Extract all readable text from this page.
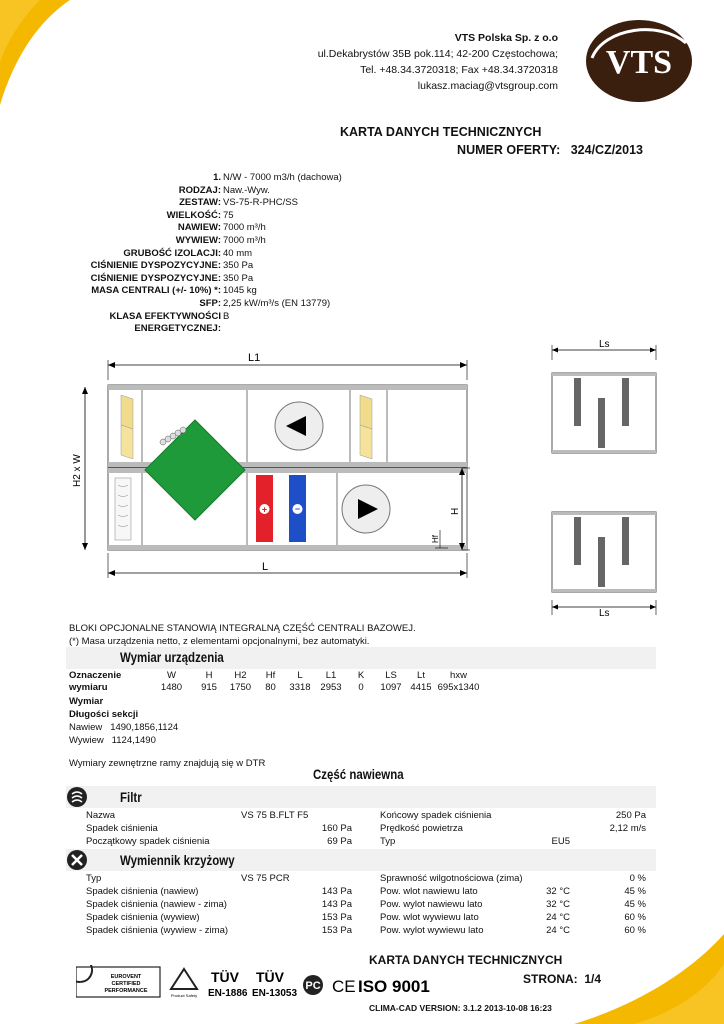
VTS Polska Sp. z o.o
ul.Dekabrystów 35B pok.114; 42-200 Częstochowa;
Tel. +48.34.3720318; Fax +48.34.3720318
lukasz.maciag@vtsgroup.com
VTS
KARTA DANYCH TECHNICZNYCH
NUMER OFERTY: 324/CZ/2013
1. N/W - 7000 m3/h (dachowa)
RODZAJ: Naw.-Wyw.
ZESTAW: VS-75-R-PHC/SS
WIELKOŚĆ: 75
NAWIEW: 7000 m³/h
WYWIEW: 7000 m³/h
GRUBOŚĆ IZOLACJI: 40 mm
CIŚNIENIE DYSPOZYCYJNE: 350 Pa
CIŚNIENIE DYSPOZYCYJNE: 350 Pa
MASA CENTRALI (+/- 10%) *: 1045 kg
SFP: 2,25 kW/m³/s (EN 13779)
KLASA EFEKTYWNOŚCI B
ENERGETYCZNEJ:
L1
H2 x W
+	−
L
H
Hf
Ls
Ls
BLOKI OPCJONALNE STANOWIĄ INTEGRALNĄ CZĘŚĆ CENTRALI BAZOWEJ.
(*) Masa urządzenia netto, z elementami opcjonalnymi, bez automatyki.
Wymiar urządzenia
Oznaczenie	W	H	H2	Hf	L	L1	K	LS	Lt	hxw
wymiaru	1480	915	1750	80	3318	2953	0	1097	4415	695x1340
Wymiar
Długości sekcji
Nawiew 1490,1856,1124
Wywiew 1124,1490
Wymiary zewnętrzne ramy znajdują się w DTR
Część nawiewna
Filtr
Nazwa	VS 75 B.FLT F5
Spadek ciśnienia	160 Pa
Początkowy spadek ciśnienia	69 Pa
Końcowy spadek ciśnienia		250 Pa
Prędkość powietrza		2,12 m/s
Typ	EU5	
Wymiennik krzyżowy
Typ	VS 75 PCR
Spadek ciśnienia (nawiew)	143 Pa
Spadek ciśnienia (nawiew - zima)	143 Pa
Spadek ciśnienia (wywiew)	153 Pa
Spadek ciśnienia (wywiew - zima)	153 Pa
Sprawność wilgotnościowa (zima)		0 %
Pow. wlot nawiewu lato	32 °C	45 %
Pow. wylot nawiewu lato	32 °C	45 %
Pow. wlot wywiewu lato	24 °C	60 %
Pow. wylot wywiewu lato	24 °C	60 %
EUROVENT
CERTIFIED
PERFORMANCE
Product Safety
TÜV
EN-1886
TÜV
EN-13053
PC CE ISO 9001
KARTA DANYCH TECHNICZNYCH
STRONA: 1/4
CLIMA-CAD VERSION: 3.1.2 2013-10-08 16:23
